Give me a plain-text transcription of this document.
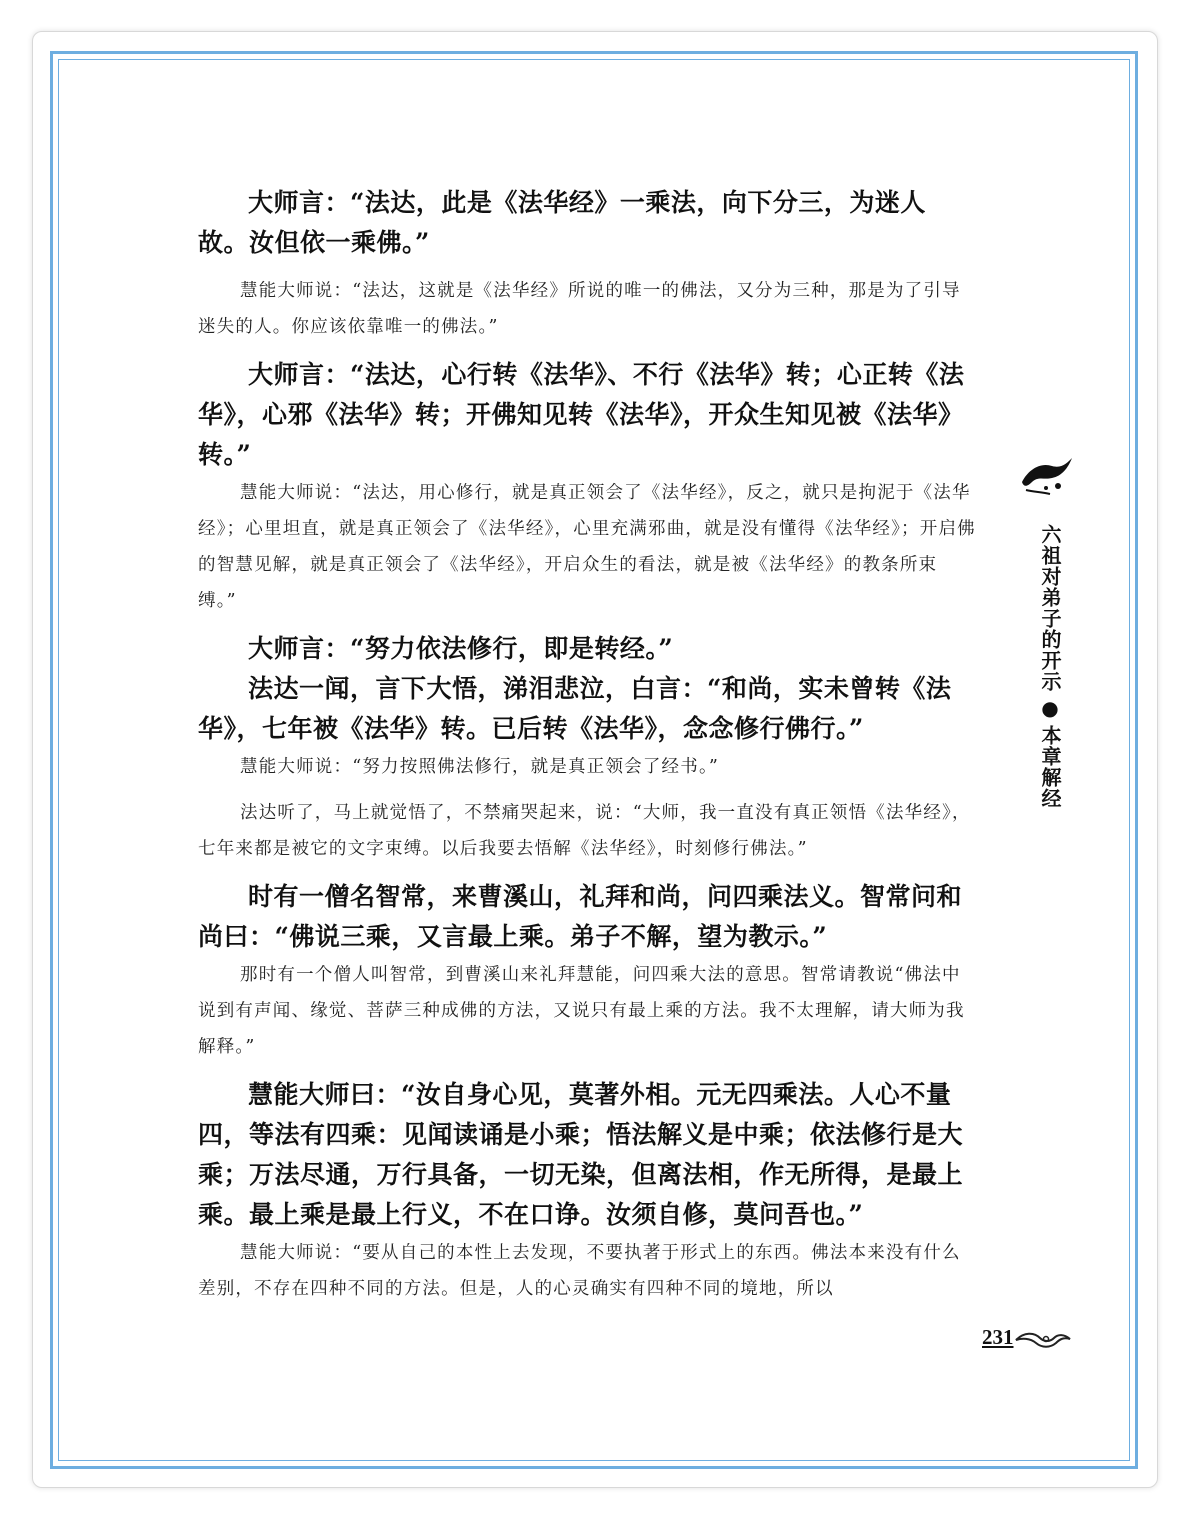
大师言：“法达，此是《法华经》一乘法，向下分三，为迷人故。汝但依一乘佛。”

慧能大师说：“法达，这就是《法华经》所说的唯一的佛法，又分为三种，那是为了引导迷失的人。你应该依靠唯一的佛法。”

大师言：“法达，心行转《法华》、不行《法华》转；心正转《法华》，心邪《法华》转；开佛知见转《法华》，开众生知见被《法华》转。”

慧能大师说：“法达，用心修行，就是真正领会了《法华经》，反之，就只是拘泥于《法华经》；心里坦直，就是真正领会了《法华经》，心里充满邪曲，就是没有懂得《法华经》；开启佛的智慧见解，就是真正领会了《法华经》，开启众生的看法，就是被《法华经》的教条所束缚。”

大师言：“努力依法修行，即是转经。”

法达一闻，言下大悟，涕泪悲泣，白言：“和尚，实未曾转《法华》，七年被《法华》转。已后转《法华》，念念修行佛行。”

慧能大师说：“努力按照佛法修行，就是真正领会了经书。”

法达听了，马上就觉悟了，不禁痛哭起来，说：“大师，我一直没有真正领悟《法华经》，七年来都是被它的文字束缚。以后我要去悟解《法华经》，时刻修行佛法。”

时有一僧名智常，来曹溪山，礼拜和尚，问四乘法义。智常问和尚曰：“佛说三乘，又言最上乘。弟子不解，望为教示。”

那时有一个僧人叫智常，到曹溪山来礼拜慧能，问四乘大法的意思。智常请教说“佛法中说到有声闻、缘觉、菩萨三种成佛的方法，又说只有最上乘的方法。我不太理解，请大师为我解释。”

慧能大师曰：“汝自身心见，莫著外相。元无四乘法。人心不量四，等法有四乘：见闻读诵是小乘；悟法解义是中乘；依法修行是大乘；万法尽通，万行具备，一切无染，但离法相，作无所得，是最上乘。最上乘是最上行义，不在口诤。汝须自修，莫问吾也。”

慧能大师说：“要从自己的本性上去发现，不要执著于形式上的东西。佛法本来没有什么差别，不存在四种不同的方法。但是，人的心灵确实有四种不同的境地，所以

六祖对弟子的开示●本章解经
231
